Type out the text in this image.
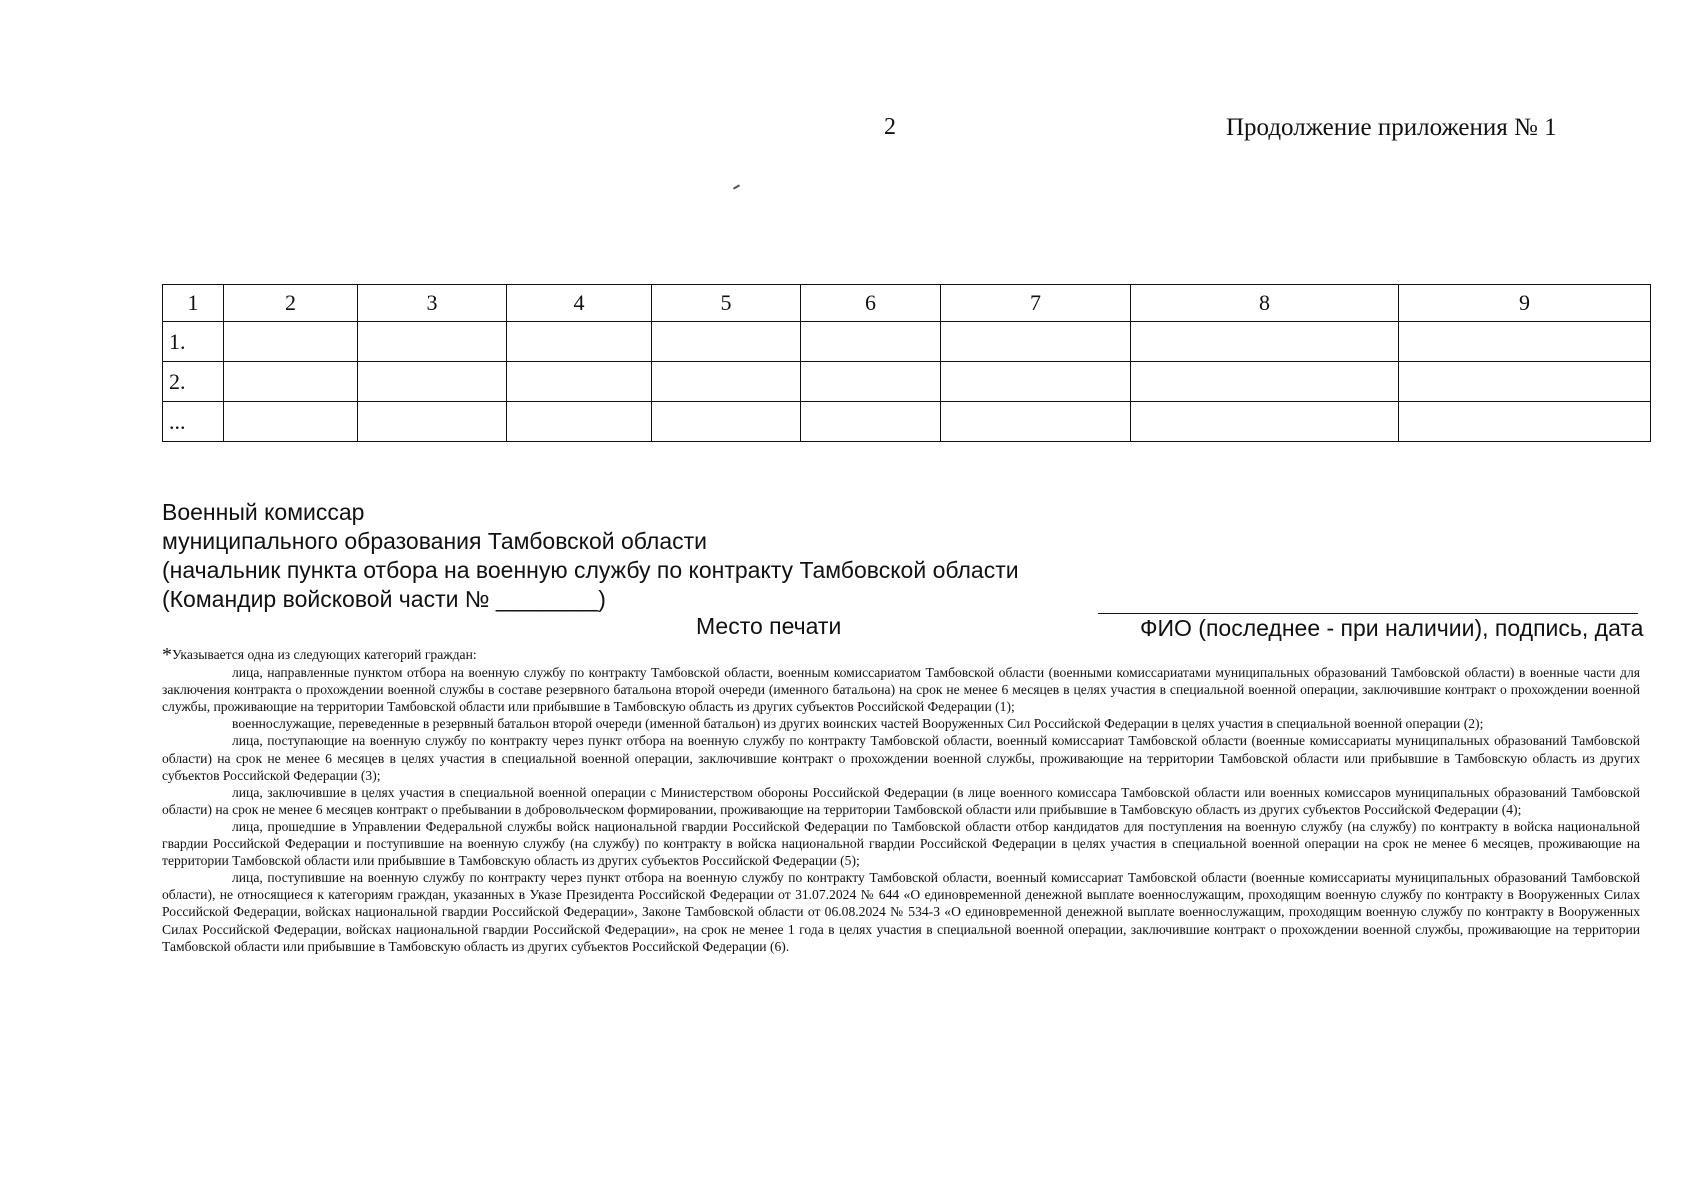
2	Продолжение приложения № 1
1	2	3	4	5	6	7	8	9
1.								
2.								
...								
Военный комиссар
муниципального образования Тамбовской области
(начальник пункта отбора на военную службу по контракту Тамбовской области
(Командир войсковой части № ________)
Место печати	ФИО (последнее - при наличии), подпись, дата

*Указывается одна из следующих категорий граждан:

лица, направленные пунктом отбора на военную службу по контракту Тамбовской области, военным комиссариатом Тамбовской области (военными комиссариатами муниципальных образований Тамбовской области) в военные части для заключения контракта о прохождении военной службы в составе резервного батальона второй очереди (именного батальона) на срок не менее 6 месяцев в целях участия в специальной военной операции, заключившие контракт о прохождении военной службы, проживающие на территории Тамбовской области или прибывшие в Тамбовскую область из других субъектов Российской Федерации (1);

военнослужащие, переведенные в резервный батальон второй очереди (именной батальон) из других воинских частей Вооруженных Сил Российской Федерации в целях участия в специальной военной операции (2);

лица, поступающие на военную службу по контракту через пункт отбора на военную службу по контракту Тамбовской области, военный комиссариат Тамбовской области (военные комиссариаты муниципальных образований Тамбовской области) на срок не менее 6 месяцев в целях участия в специальной военной операции, заключившие контракт о прохождении военной службы, проживающие на территории Тамбовской области или прибывшие в Тамбовскую область из других субъектов Российской Федерации (3);

лица, заключившие в целях участия в специальной военной операции с Министерством обороны Российской Федерации (в лице военного комиссара Тамбовской области или военных комиссаров муниципальных образований Тамбовской области) на срок не менее 6 месяцев контракт о пребывании в добровольческом формировании, проживающие на территории Тамбовской области или прибывшие в Тамбовскую область из других субъектов Российской Федерации (4);

лица, прошедшие в Управлении Федеральной службы войск национальной гвардии Российской Федерации по Тамбовской области отбор кандидатов для поступления на военную службу (на службу) по контракту в войска национальной гвардии Российской Федерации и поступившие на военную службу (на службу) по контракту в войска национальной гвардии Российской Федерации в целях участия в специальной военной операции на срок не менее 6 месяцев, проживающие на территории Тамбовской области или прибывшие в Тамбовскую область из других субъектов Российской Федерации (5);

лица, поступившие на военную службу по контракту через пункт отбора на военную службу по контракту Тамбовской области, военный комиссариат Тамбовской области (военные комиссариаты муниципальных образований Тамбовской области), не относящиеся к категориям граждан, указанных в Указе Президента Российской Федерации от 31.07.2024 № 644 «О единовременной денежной выплате военнослужащим, проходящим военную службу по контракту в Вооруженных Силах Российской Федерации, войсках национальной гвардии Российской Федерации», Законе Тамбовской области от 06.08.2024 № 534-З «О единовременной денежной выплате военнослужащим, проходящим военную службу по контракту в Вооруженных Силах Российской Федерации, войсках национальной гвардии Российской Федерации», на срок не менее 1 года в целях участия в специальной военной операции, заключившие контракт о прохождении военной службы, проживающие на территории Тамбовской области или прибывшие в Тамбовскую область из других субъектов Российской Федерации (6).
